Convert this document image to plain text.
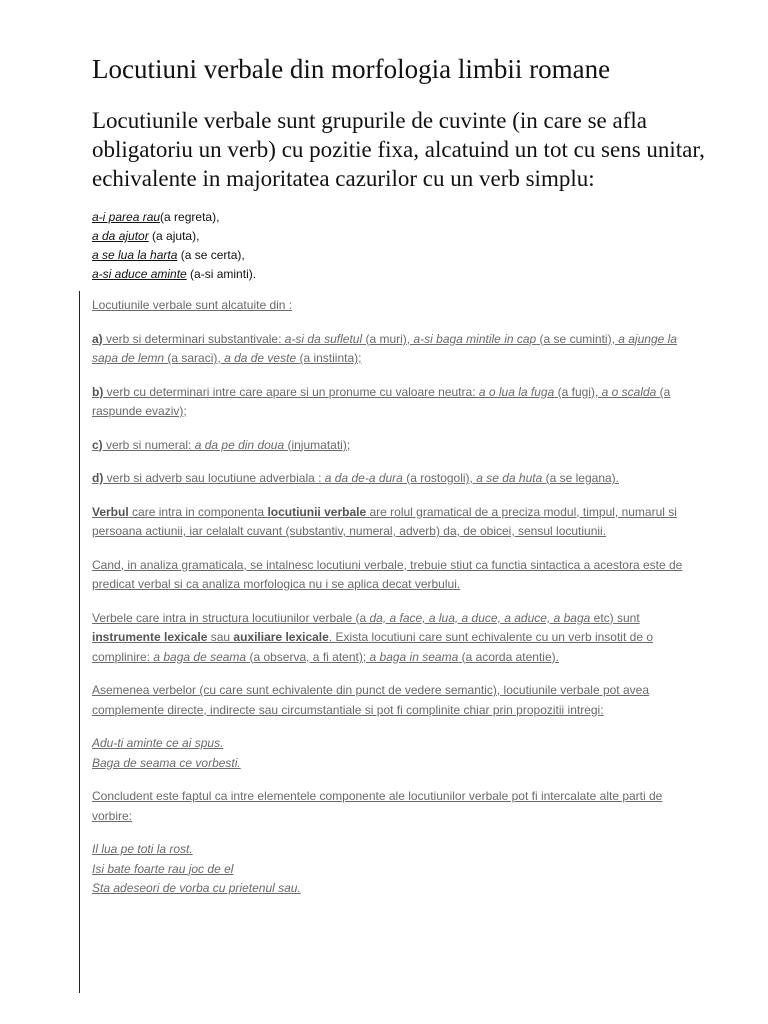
Locutiuni verbale din morfologia limbii romane

Locutiunile verbale sunt grupurile de cuvinte (in care se afla obligatoriu un verb) cu pozitie fixa, alcatuind un tot cu sens unitar, echivalente in majoritatea cazurilor cu un verb simplu:

a-i parea rau(a regreta),
a da ajutor (a ajuta),
a se lua la harta (a se certa),
a-si aduce aminte (a-si aminti).

Locutiunile verbale sunt alcatuite din :

a) verb si determinari substantivale: a-si da sufletul (a muri), a-si baga mintile in cap (a se cuminti), a ajunge la sapa de lemn (a saraci), a da de veste (a instiinta);

b) verb cu determinari intre care apare si un pronume cu valoare neutra: a o lua la fuga (a fugi), a o scalda (a raspunde evaziv);

c) verb si numeral: a da pe din doua (injumatati);

d) verb si adverb sau locutiune adverbiala : a da de-a dura (a rostogoli), a se da huta (a se legana).

Verbul care intra in componenta locutiunii verbale are rolul gramatical de a preciza modul, timpul, numarul si persoana actiunii, iar celalalt cuvant (substantiv, numeral, adverb) da, de obicei, sensul locutiunii.

Cand, in analiza gramaticala, se intalnesc locutiuni verbale, trebuie stiut ca functia sintactica a acestora este de predicat verbal si ca analiza morfologica nu i se aplica decat verbului.

Verbele care intra in structura locutiunilor verbale (a da, a face, a lua, a duce, a aduce, a baga etc) sunt instrumente lexicale sau auxiliare lexicale. Exista locutiuni care sunt echivalente cu un verb insotit de o complinire: a baga de seama (a observa, a fi atent); a baga in seama (a acorda atentie).

Asemenea verbelor (cu care sunt echivalente din punct de vedere semantic), locutiunile verbale pot avea complemente directe, indirecte sau circumstantiale si pot fi complinite chiar prin propozitii intregi:

Adu-ti aminte ce ai spus.
Baga de seama ce vorbesti.

Concludent este faptul ca intre elementele componente ale locutiunilor verbale pot fi intercalate alte parti de vorbire:

Il lua pe toti la rost.
Isi bate foarte rau joc de el
Sta adeseori de vorba cu prietenul sau.
